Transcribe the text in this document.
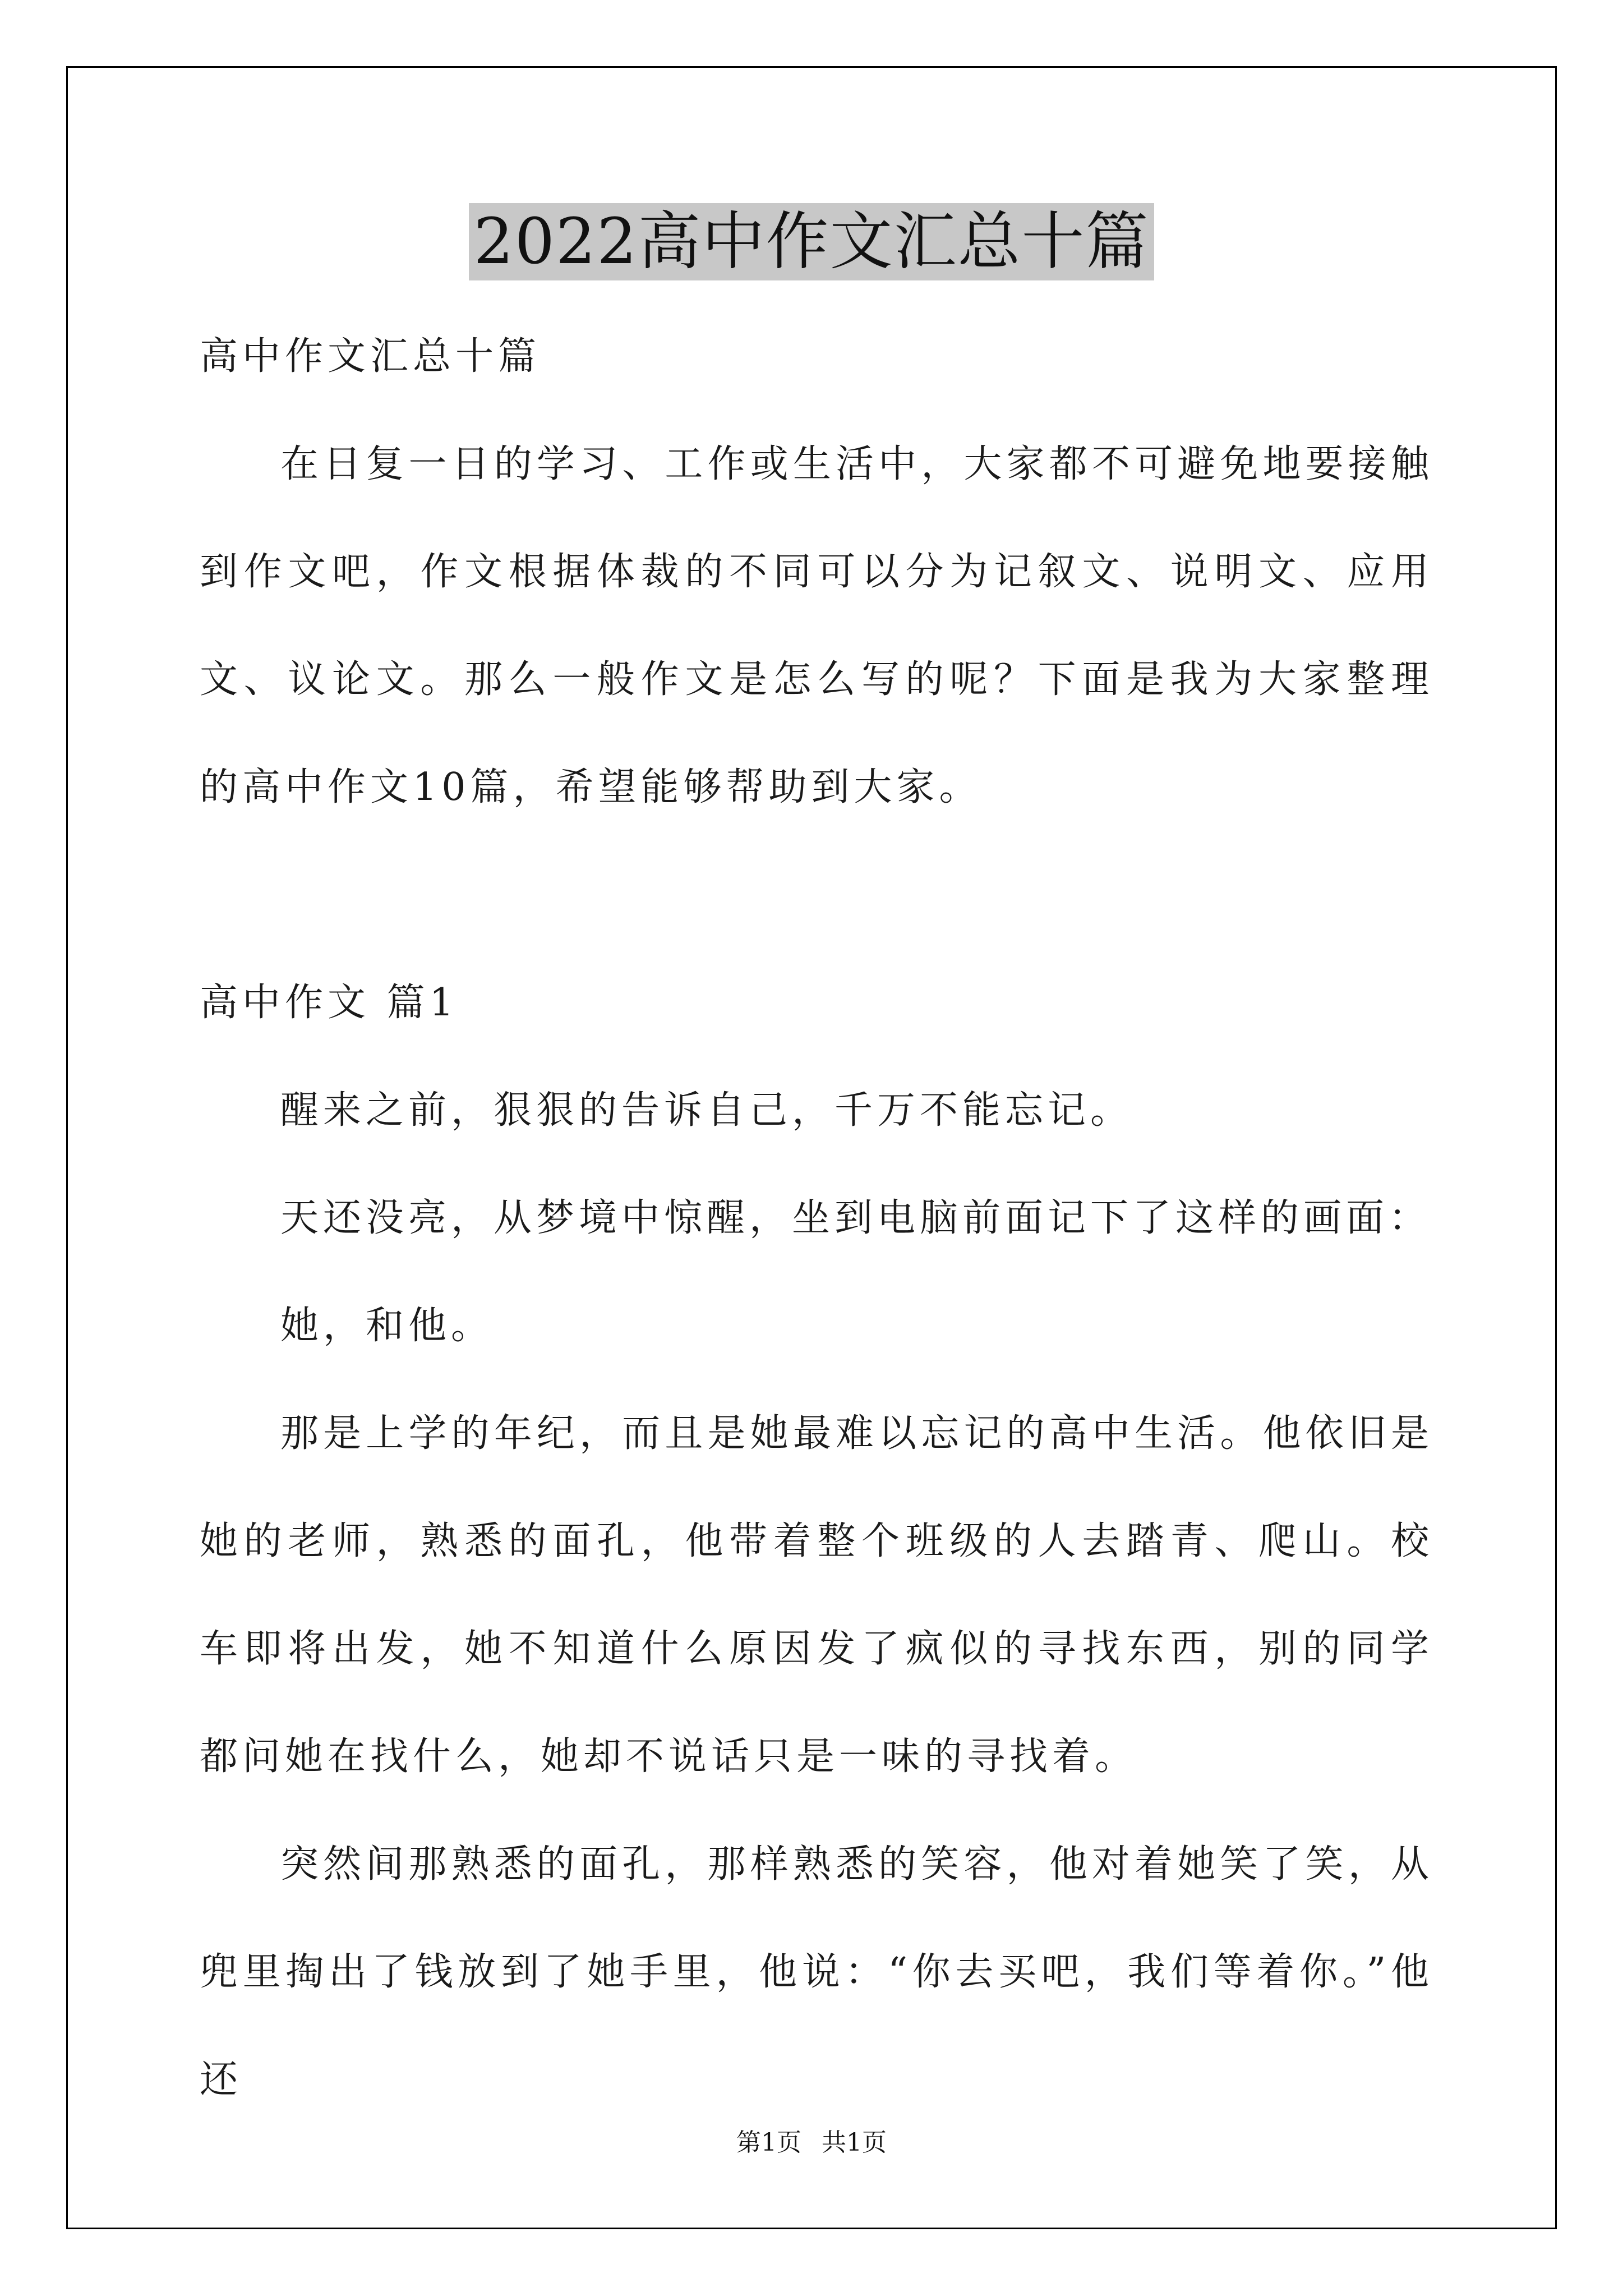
2022高中作文汇总十篇
高中作文汇总十篇
在日复一日的学习、工作或生活中，大家都不可避免地要接触到作文吧，作文根据体裁的不同可以分为记叙文、说明文、应用文、议论文。那么一般作文是怎么写的呢？下面是我为大家整理的高中作文10篇，希望能够帮助到大家。
高中作文 篇1
醒来之前，狠狠的告诉自己，千万不能忘记。
天还没亮，从梦境中惊醒，坐到电脑前面记下了这样的画面：
她，和他。
那是上学的年纪，而且是她最难以忘记的高中生活。他依旧是她的老师，熟悉的面孔，他带着整个班级的人去踏青、爬山。校车即将出发，她不知道什么原因发了疯似的寻找东西，别的同学都问她在找什么，她却不说话只是一味的寻找着。
突然间那熟悉的面孔，那样熟悉的笑容，他对着她笑了笑，从兜里掏出了钱放到了她手里，他说：“你去买吧，我们等着你。”他还
第1页 共1页
